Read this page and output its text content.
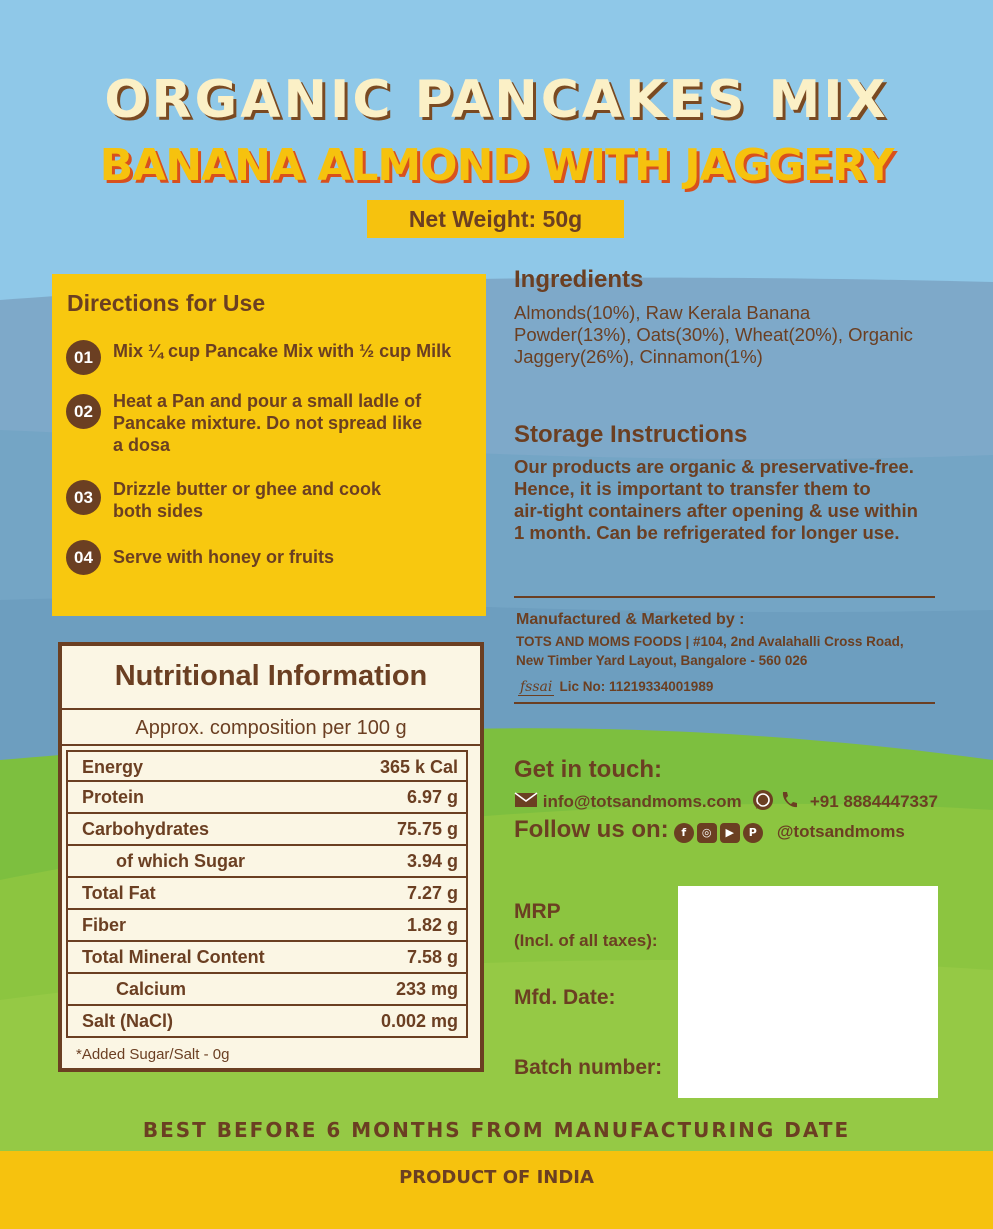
ORGANIC PANCAKES MIX
BANANA ALMOND WITH JAGGERY
Net Weight: 50g
Directions for Use
01	Mix ¼ cup Pancake Mix with ½ cup Milk
02
Heat a Pan and pour a small ladle of Pancake mixture. Do not spread like a dosa
03	Drizzle butter or ghee and cook both sides
04	Serve with honey or fruits
Nutritional Information
Approx. composition per 100 g
Energy	365 k Cal
Protein	6.97 g
Carbohydrates	75.75 g
of which Sugar	3.94 g
Total Fat	7.27 g
Fiber	1.82 g
Total Mineral Content	7.58 g
Calcium	233 mg
Salt (NaCl)	0.002 mg
*Added Sugar/Salt - 0g
Ingredients
Almonds(10%), Raw Kerala Banana
Powder(13%), Oats(30%), Wheat(20%), Organic
Jaggery(26%), Cinnamon(1%)
Storage Instructions
Our products are organic & preservative-free.
Hence, it is important to transfer them to
air-tight containers after opening & use within
1 month. Can be refrigerated for longer use.
Manufactured & Marketed by :
TOTS AND MOMS FOODS | #104, 2nd Avalahalli Cross Road,
New Timber Yard Layout, Bangalore - 560 026
fssai Lic No: 11219334001989
Get in touch:
info@totsandmoms.com	+91 8884447337
Follow us on: f ◎ ▶ P @totsandmoms
MRP
(Incl. of all taxes):
Mfd. Date:
Batch number:
BEST BEFORE 6 MONTHS FROM MANUFACTURING DATE
PRODUCT OF INDIA
